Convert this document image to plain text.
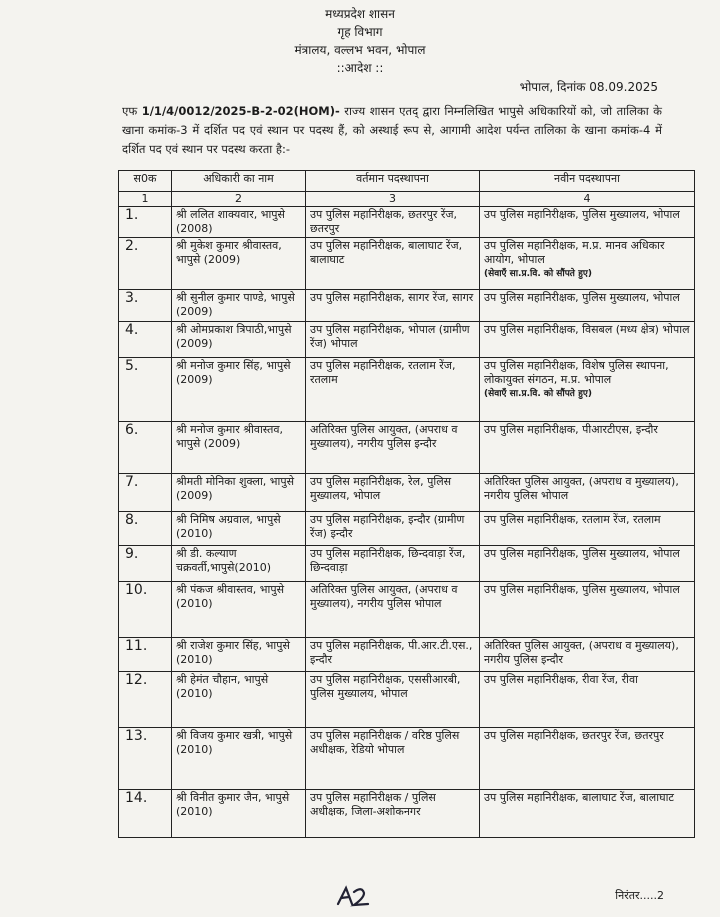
मध्यप्रदेश शासन
गृह विभाग
मंत्रालय, वल्लभ भवन, भोपाल
::आदेश ::
भोपाल, दिनांक 08.09.2025
एफ 1/1/4/0012/2025-B-2-02(HOM)- राज्य शासन एतद् द्वारा निम्नलिखित भापुसे अधिकारियों को, जो तालिका के खाना कमांक-3 में दर्शित पद एवं स्थान पर पदस्थ हैं, को अस्थाई रूप से, आगामी आदेश पर्यन्त तालिका के खाना कमांक-4 में दर्शित पद एवं स्थान पर पदस्थ करता है:-
स0क	अधिकारी का नाम	वर्तमान पदस्थापना	नवीन पदस्थापना
1	2	3	4
1.	श्री ललित शाक्यवार, भापुसे (2008)	उप पुलिस महानिरीक्षक, छतरपुर रेंज, छतरपुर	उप पुलिस महानिरीक्षक, पुलिस मुख्यालय, भोपाल
2.	श्री मुकेश कुमार श्रीवास्तव, भापुसे (2009)	उप पुलिस महानिरीक्षक, बालाघाट रेंज, बालाघाट	उप पुलिस महानिरीक्षक, म.प्र. मानव अधिकार आयोग, भोपाल
(सेवाएँ सा.प्र.वि. को सौंपते हुए)

3.	श्री सुनील कुमार पाण्डे, भापुसे (2009)	उप पुलिस महानिरीक्षक, सागर रेंज, सागर	उप पुलिस महानिरीक्षक, पुलिस मुख्यालय, भोपाल
4.	श्री ओमप्रकाश त्रिपाठी,भापुसे (2009)	उप पुलिस महानिरीक्षक, भोपाल (ग्रामीण रेंज) भोपाल	उप पुलिस महानिरीक्षक, विसबल (मध्य क्षेत्र) भोपाल
5.	श्री मनोज कुमार सिंह, भापुसे (2009)	उप पुलिस महानिरीक्षक, रतलाम रेंज, रतलाम	उप पुलिस महानिरीक्षक, विशेष पुलिस स्थापना, लोकायुक्त संगठन, म.प्र. भोपाल
(सेवाएँ सा.प्र.वि. को सौंपते हुए)

6.	श्री मनोज कुमार श्रीवास्तव, भापुसे (2009)	अतिरिक्त पुलिस आयुक्त, (अपराध व मुख्यालय), नगरीय पुलिस इन्दौर	उप पुलिस महानिरीक्षक, पीआरटीएस, इन्दौर
7.	श्रीमती मोनिका शुक्ला, भापुसे (2009)	उप पुलिस महानिरीक्षक, रेल, पुलिस मुख्यालय, भोपाल	अतिरिक्त पुलिस आयुक्त, (अपराध व मुख्यालय), नगरीय पुलिस भोपाल
8.	श्री निमिष अग्रवाल, भापुसे (2010)	उप पुलिस महानिरीक्षक, इन्दौर (ग्रामीण रेंज) इन्दौर	उप पुलिस महानिरीक्षक, रतलाम रेंज, रतलाम
9.	श्री डी. कल्याण चक्रवर्ती,भापुसे(2010)	उप पुलिस महानिरीक्षक, छिन्दवाड़ा रेंज, छिन्दवाड़ा	उप पुलिस महानिरीक्षक, पुलिस मुख्यालय, भोपाल
10.	श्री पंकज श्रीवास्तव, भापुसे (2010)	अतिरिक्त पुलिस आयुक्त, (अपराध व मुख्यालय), नगरीय पुलिस भोपाल	उप पुलिस महानिरीक्षक, पुलिस मुख्यालय, भोपाल
11.	श्री राजेश कुमार सिंह, भापुसे (2010)	उप पुलिस महानिरीक्षक, पी.आर.टी.एस., इन्दौर	अतिरिक्त पुलिस आयुक्त, (अपराध व मुख्यालय), नगरीय पुलिस इन्दौर
12.	श्री हेमंत चौहान, भापुसे (2010)	उप पुलिस महानिरीक्षक, एससीआरबी, पुलिस मुख्यालय, भोपाल	उप पुलिस महानिरीक्षक, रीवा रेंज, रीवा
13.	श्री विजय कुमार खत्री, भापुसे (2010)	उप पुलिस महानिरीक्षक / वरिष्ठ पुलिस अधीक्षक, रेडियो भोपाल	उप पुलिस महानिरीक्षक, छतरपुर रेंज, छतरपुर
14.	श्री विनीत कुमार जैन, भापुसे (2010)	उप पुलिस महानिरीक्षक / पुलिस अधीक्षक, जिला-अशोकनगर	उप पुलिस महानिरीक्षक, बालाघाट रेंज, बालाघाट
निरंतर.....2
